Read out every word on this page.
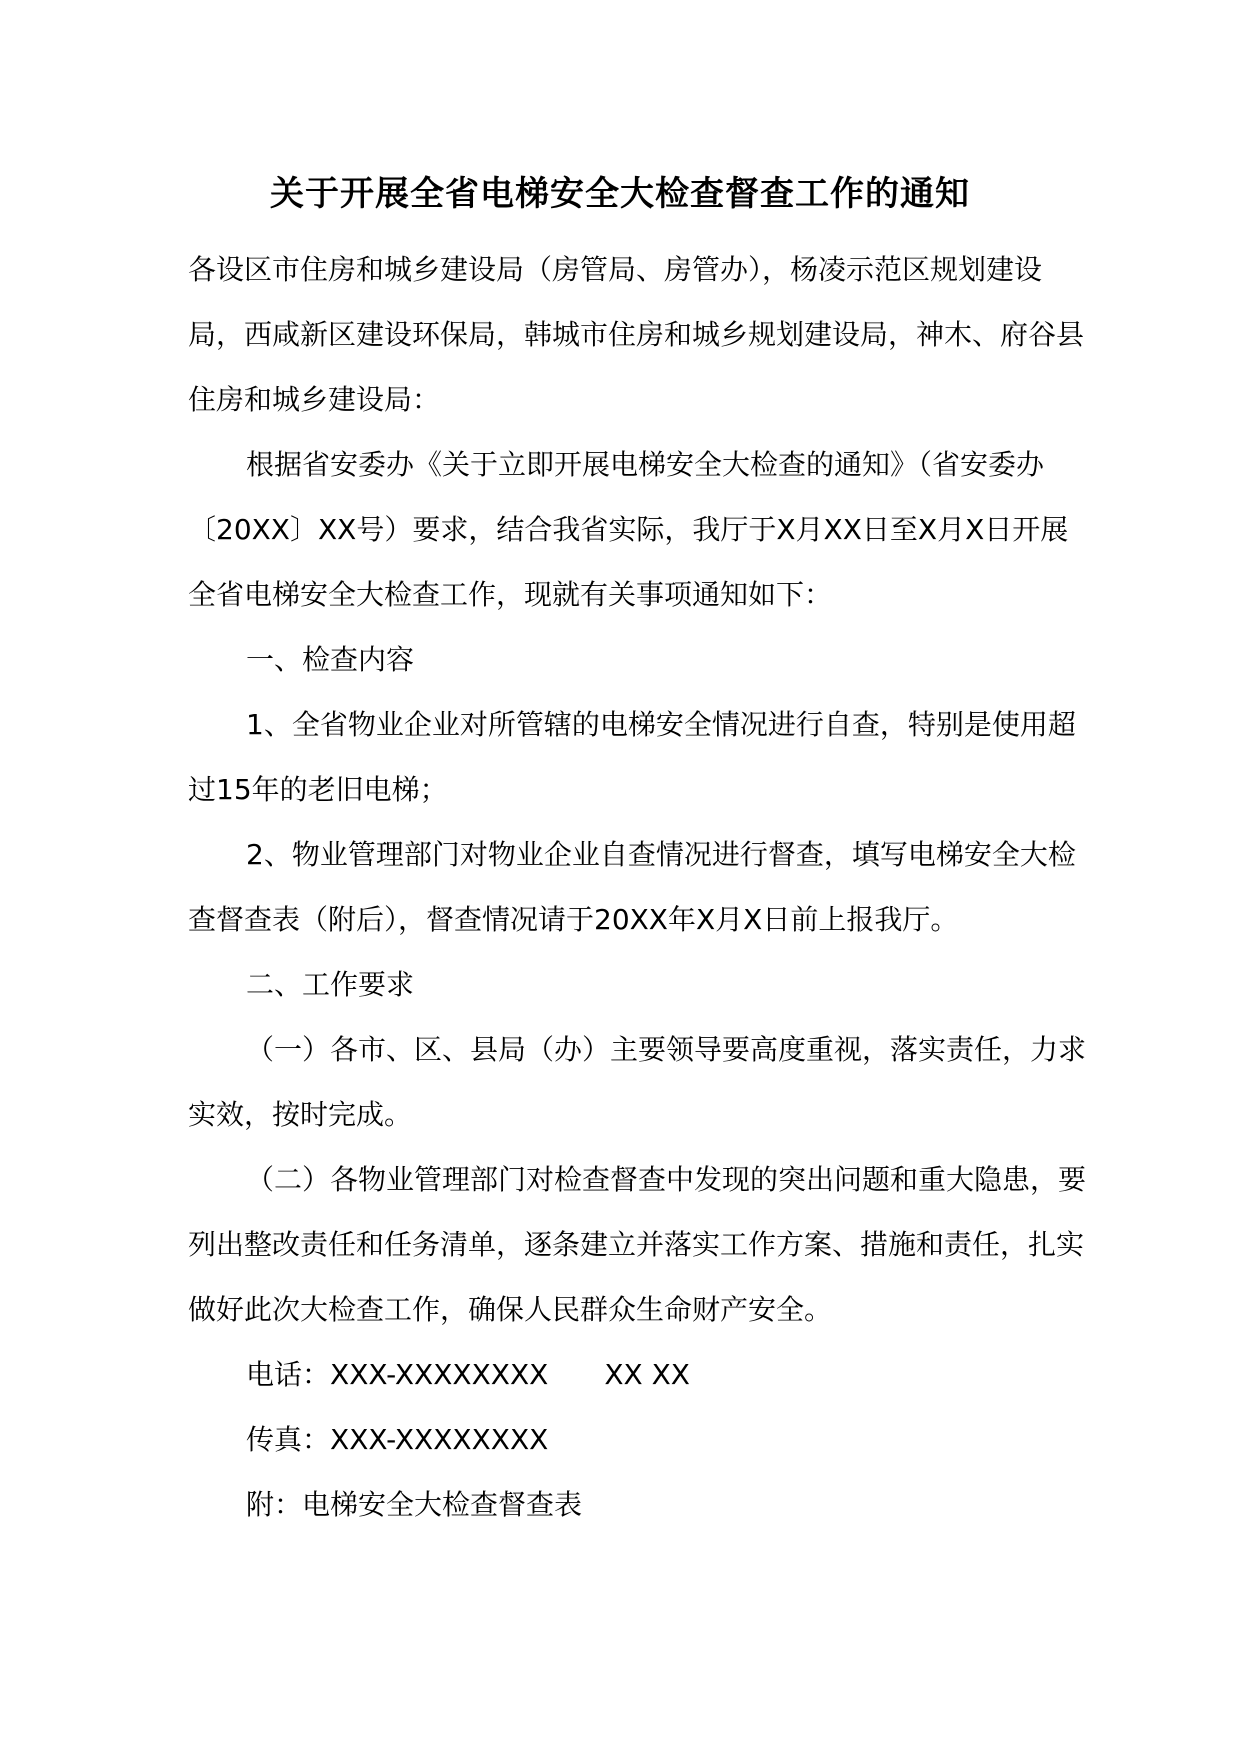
关于开展全省电梯安全大检查督查工作的通知

各设区市住房和城乡建设局（房管局、房管办），杨凌示范区规划建设局，西咸新区建设环保局，韩城市住房和城乡规划建设局，神木、府谷县住房和城乡建设局：

根据省安委办《关于立即开展电梯安全大检查的通知》（省安委办〔20XX〕XX号）要求，结合我省实际，我厅于X月XX日至X月X日开展全省电梯安全大检查工作，现就有关事项通知如下：

一、检查内容

1、全省物业企业对所管辖的电梯安全情况进行自查，特别是使用超过15年的老旧电梯；

2、物业管理部门对物业企业自查情况进行督查，填写电梯安全大检查督查表（附后），督查情况请于20XX年X月X日前上报我厅。

二、工作要求

（一）各市、区、县局（办）主要领导要高度重视，落实责任，力求实效，按时完成。

（二）各物业管理部门对检查督查中发现的突出问题和重大隐患，要列出整改责任和任务清单，逐条建立并落实工作方案、措施和责任，扎实做好此次大检查工作，确保人民群众生命财产安全。

电话：XXX-XXXXXXXX XX XX

传真：XXX-XXXXXXXX

附：电梯安全大检查督查表
